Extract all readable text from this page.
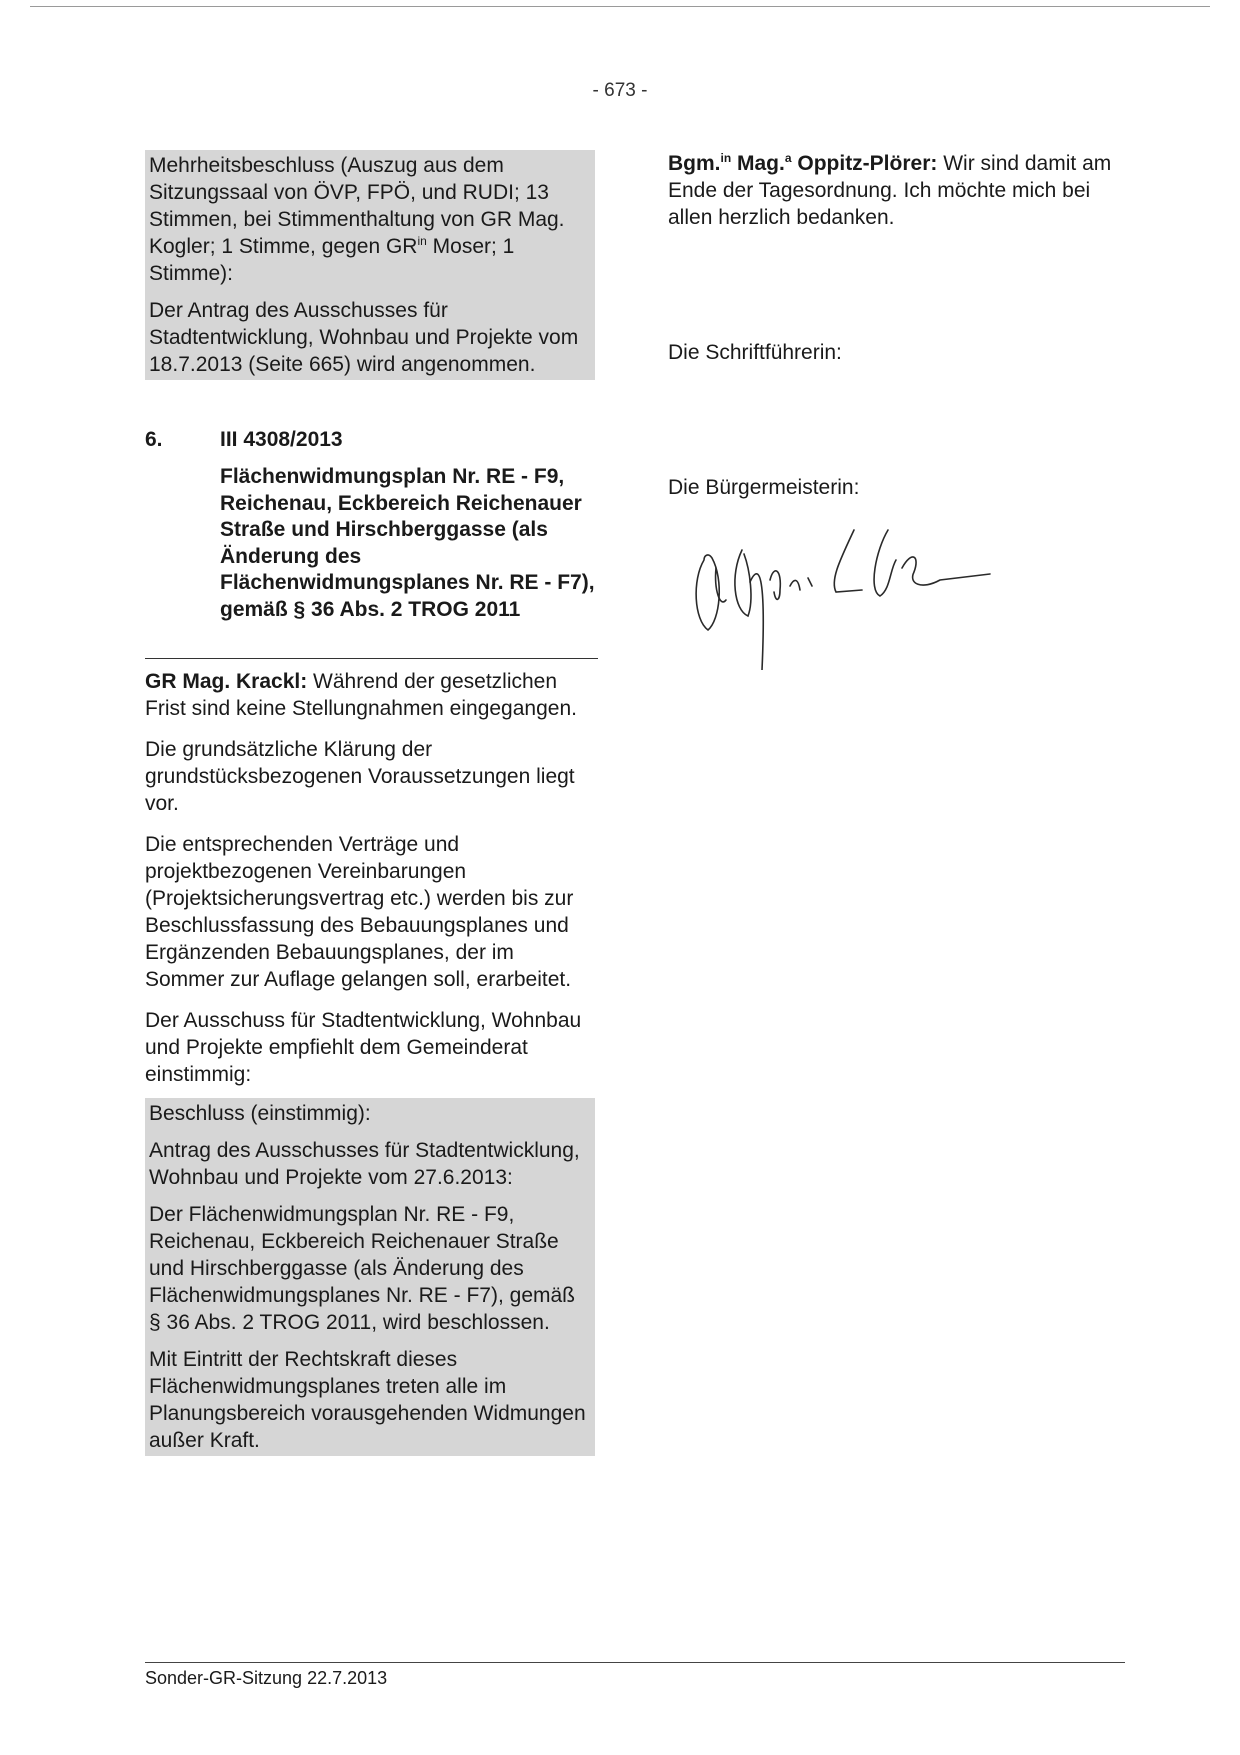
- 673 -

Mehrheitsbeschluss (Auszug aus dem Sitzungssaal von ÖVP, FPÖ, und RUDI; 13 Stimmen, bei Stimmenthaltung von GR Mag. Kogler; 1 Stimme, gegen $GR^{in}$ Moser; 1 Stimme):

Der Antrag des Ausschusses für Stadtentwicklung, Wohnbau und Projekte vom 18.7.2013 (Seite 665) wird angenommen.

Bgm.$^{in}$ Mag.$^a$ Oppitz-Plörer: Wir sind damit am Ende der Tagesordnung. Ich möchte mich bei allen herzlich bedanken.

Die Schriftführerin:

Die Bürgermeisterin:

6.	III 4308/2013
Flächenwidmungsplan Nr. RE - F9, Reichenau, Eckbereich Reichenauer Straße und Hirschberggasse (als Änderung des Flächenwidmungsplanes Nr. RE - F7), gemäß § 36 Abs. 2 TROG 2011

GR Mag. Krackl: Während der gesetzlichen Frist sind keine Stellungnahmen eingegangen.

Die grundsätzliche Klärung der grundstücksbezogenen Voraussetzungen liegt vor.

Die entsprechenden Verträge und projektbezogenen Vereinbarungen (Projektsicherungsvertrag etc.) werden bis zur Beschlussfassung des Bebauungsplanes und Ergänzenden Bebauungsplanes, der im Sommer zur Auflage gelangen soll, erarbeitet.

Der Ausschuss für Stadtentwicklung, Wohnbau und Projekte empfiehlt dem Gemeinderat einstimmig:

Beschluss (einstimmig):

Antrag des Ausschusses für Stadtentwicklung, Wohnbau und Projekte vom 27.6.2013:

Der Flächenwidmungsplan Nr. RE - F9, Reichenau, Eckbereich Reichenauer Straße und Hirschberggasse (als Änderung des Flächenwidmungsplanes Nr. RE - F7), gemäß § 36 Abs. 2 TROG 2011, wird beschlossen.

Mit Eintritt der Rechtskraft dieses Flächenwidmungsplanes treten alle im Planungsbereich vorausgehenden Widmungen außer Kraft.

Sonder-GR-Sitzung 22.7.2013
